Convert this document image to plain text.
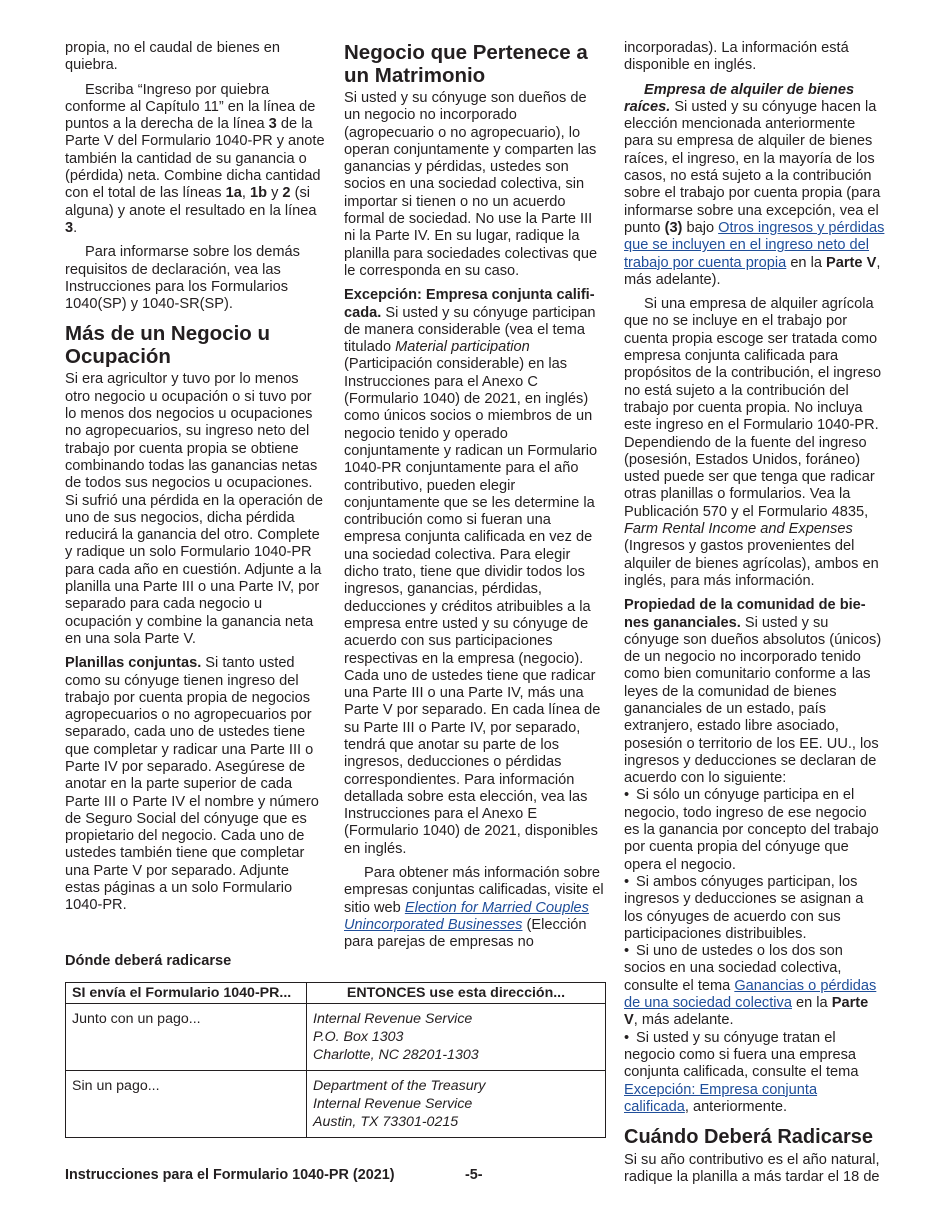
propia, no el caudal de bienes en quiebra.

Escriba “Ingreso por quiebra conforme al Capítulo 11” en la línea de puntos a la derecha de la línea 3 de la Parte V del Formulario 1040-PR y anote también la cantidad de su ganancia o (pérdida) neta. Combine dicha cantidad con el total de las líneas 1a, 1b y 2 (si alguna) y anote el resultado en la línea 3.

Para informarse sobre los demás requisitos de declaración, vea las Instrucciones para los Formularios 1040(SP) y 1040-SR(SP).

Más de un Negocio u Ocupación

Si era agricultor y tuvo por lo menos otro negocio u ocupación o si tuvo por lo menos dos negocios u ocupaciones no agropecuarios, su ingreso neto del trabajo por cuenta propia se obtiene combinando todas las ganancias netas de todos sus negocios u ocupaciones. Si sufrió una pérdida en la operación de uno de sus negocios, dicha pérdida reducirá la ganancia del otro. Complete y radique un solo Formulario 1040-PR para cada año en cuestión. Adjunte a la planilla una Parte III o una Parte IV, por separado para cada negocio u ocupación y combine la ganancia neta en una sola Parte V.

Planillas conjuntas. Si tanto usted como su cónyuge tienen ingreso del trabajo por cuenta propia de negocios agropecuarios o no agropecuarios por separado, cada uno de ustedes tiene que completar y radicar una Parte III o Parte IV por separado. Asegúrese de anotar en la parte superior de cada Parte III o Parte IV el nombre y número de Seguro Social del cónyuge que es propietario del negocio. Cada uno de ustedes también tiene que completar una Parte V por separado. Adjunte estas páginas a un solo Formulario 1040-PR.

Negocio que Pertenece a un Matrimonio

Si usted y su cónyuge son dueños de un negocio no incorporado (agropecuario o no agropecuario), lo operan conjuntamente y comparten las ganancias y pérdidas, ustedes son socios en una sociedad colectiva, sin importar si tienen o no un acuerdo formal de sociedad. No use la Parte III ni la Parte IV. En su lugar, radique la planilla para sociedades colectivas que le corresponda en su caso.

Excepción: Empresa conjunta califi-cada. Si usted y su cónyuge participan de manera considerable (vea el tema titulado Material participation (Participación considerable) en las Instrucciones para el Anexo C (Formulario 1040) de 2021, en inglés) como únicos socios o miembros de un negocio tenido y operado conjuntamente y radican un Formulario 1040-PR conjuntamente para el año contributivo, pueden elegir conjuntamente que se les determine la contribución como si fueran una empresa conjunta calificada en vez de una sociedad colectiva. Para elegir dicho trato, tiene que dividir todos los ingresos, ganancias, pérdidas, deducciones y créditos atribuibles a la empresa entre usted y su cónyuge de acuerdo con sus participaciones respectivas en la empresa (negocio). Cada uno de ustedes tiene que radicar una Parte III o una Parte IV, más una Parte V por separado. En cada línea de su Parte III o Parte IV, por separado, tendrá que anotar su parte de los ingresos, deducciones o pérdidas correspondientes. Para información detallada sobre esta elección, vea las Instrucciones para el Anexo E (Formulario 1040) de 2021, disponibles en inglés.

Para obtener más información sobre empresas conjuntas calificadas, visite el sitio web Election for Married Couples Unincorporated Businesses (Elección para parejas de empresas no

incorporadas). La información está disponible en inglés.

Empresa de alquiler de bienes raíces. Si usted y su cónyuge hacen la elección mencionada anteriormente para su empresa de alquiler de bienes raíces, el ingreso, en la mayoría de los casos, no está sujeto a la contribución sobre el trabajo por cuenta propia (para informarse sobre una excepción, vea el punto (3) bajo Otros ingresos y pérdidas que se incluyen en el ingreso neto del trabajo por cuenta propia en la Parte V, más adelante).

Si una empresa de alquiler agrícola que no se incluye en el trabajo por cuenta propia escoge ser tratada como empresa conjunta calificada para propósitos de la contribución, el ingreso no está sujeto a la contribución del trabajo por cuenta propia. No incluya este ingreso en el Formulario 1040-PR. Dependiendo de la fuente del ingreso (posesión, Estados Unidos, foráneo) usted puede ser que tenga que radicar otras planillas o formularios. Vea la Publicación 570 y el Formulario 4835, Farm Rental Income and Expenses (Ingresos y gastos provenientes del alquiler de bienes agrícolas), ambos en inglés, para más información.

Propiedad de la comunidad de bie-nes gananciales. Si usted y su cónyuge son dueños absolutos (únicos) de un negocio no incorporado tenido como bien comunitario conforme a las leyes de la comunidad de bienes gananciales de un estado, país extranjero, estado libre asociado, posesión o territorio de los EE. UU., los ingresos y deducciones se declaran de acuerdo con lo siguiente:

• Si sólo un cónyuge participa en el negocio, todo ingreso de ese negocio es la ganancia por concepto del trabajo por cuenta propia del cónyuge que opera el negocio.

• Si ambos cónyuges participan, los ingresos y deducciones se asignan a los cónyuges de acuerdo con sus participaciones distribuibles.

• Si uno de ustedes o los dos son socios en una sociedad colectiva, consulte el tema Ganancias o pérdidas de una sociedad colectiva en la Parte V, más adelante.

• Si usted y su cónyuge tratan el negocio como si fuera una empresa conjunta calificada, consulte el tema Excepción: Empresa conjunta calificada, anteriormente.

Cuándo Deberá Radicarse

Si su año contributivo es el año natural, radique la planilla a más tardar el 18 de

Dónde deberá radicarse
SI envía el Formulario 1040-PR...	ENTONCES use esta dirección...
Junto con un pago...	Internal Revenue Service
P.O. Box 1303
Charlotte, NC 28201-1303

Sin un pago...	Department of the Treasury
Internal Revenue Service
Austin, TX 73301-0215
Instrucciones para el Formulario 1040-PR (2021)	-5-
